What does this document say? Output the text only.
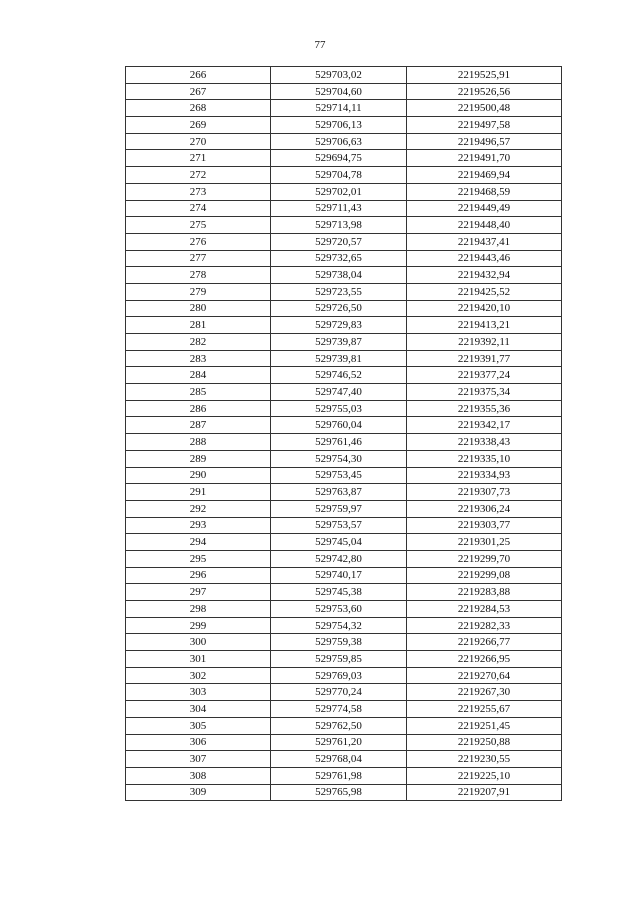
77
266	529703,02	2219525,91
267	529704,60	2219526,56
268	529714,11	2219500,48
269	529706,13	2219497,58
270	529706,63	2219496,57
271	529694,75	2219491,70
272	529704,78	2219469,94
273	529702,01	2219468,59
274	529711,43	2219449,49
275	529713,98	2219448,40
276	529720,57	2219437,41
277	529732,65	2219443,46
278	529738,04	2219432,94
279	529723,55	2219425,52
280	529726,50	2219420,10
281	529729,83	2219413,21
282	529739,87	2219392,11
283	529739,81	2219391,77
284	529746,52	2219377,24
285	529747,40	2219375,34
286	529755,03	2219355,36
287	529760,04	2219342,17
288	529761,46	2219338,43
289	529754,30	2219335,10
290	529753,45	2219334,93
291	529763,87	2219307,73
292	529759,97	2219306,24
293	529753,57	2219303,77
294	529745,04	2219301,25
295	529742,80	2219299,70
296	529740,17	2219299,08
297	529745,38	2219283,88
298	529753,60	2219284,53
299	529754,32	2219282,33
300	529759,38	2219266,77
301	529759,85	2219266,95
302	529769,03	2219270,64
303	529770,24	2219267,30
304	529774,58	2219255,67
305	529762,50	2219251,45
306	529761,20	2219250,88
307	529768,04	2219230,55
308	529761,98	2219225,10
309	529765,98	2219207,91
